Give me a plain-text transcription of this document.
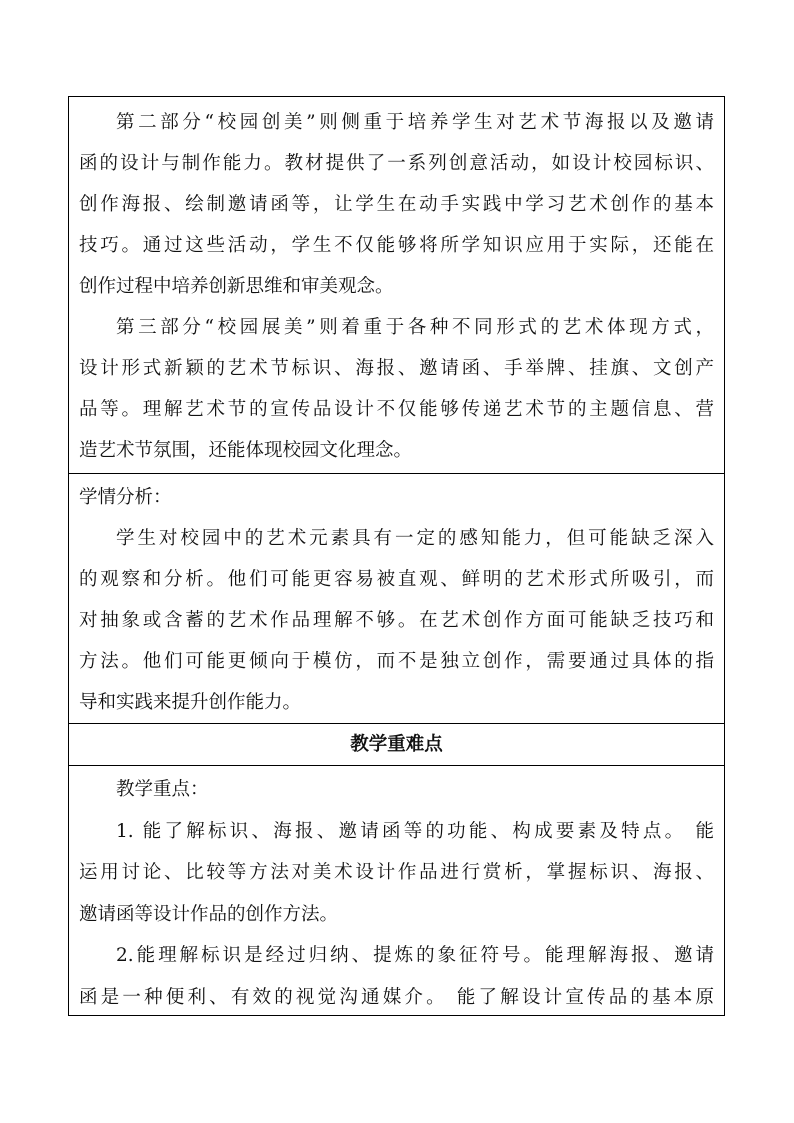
第二部分“校园创美”则侧重于培养学生对艺术节海报以及邀请
函的设计与制作能力。教材提供了一系列创意活动，如设计校园标识、
创作海报、绘制邀请函等，让学生在动手实践中学习艺术创作的基本
技巧。通过这些活动，学生不仅能够将所学知识应用于实际，还能在
创作过程中培养创新思维和审美观念。
第三部分“校园展美”则着重于各种不同形式的艺术体现方式，
设计形式新颖的艺术节标识、海报、邀请函、手举牌、挂旗、文创产
品等。理解艺术节的宣传品设计不仅能够传递艺术节的主题信息、营
造艺术节氛围，还能体现校园文化理念。
学情分析：
学生对校园中的艺术元素具有一定的感知能力，但可能缺乏深入
的观察和分析。他们可能更容易被直观、鲜明的艺术形式所吸引，而
对抽象或含蓄的艺术作品理解不够。在艺术创作方面可能缺乏技巧和
方法。他们可能更倾向于模仿，而不是独立创作，需要通过具体的指
导和实践来提升创作能力。
教学重难点
教学重点：
1. 能了解标识、海报、邀请函等的功能、构成要素及特点。 能
运用讨论、比较等方法对美术设计作品进行赏析，掌握标识、海报、
邀请函等设计作品的创作方法。
2.能理解标识是经过归纳、提炼的象征符号。能理解海报、邀请
函是一种便利、有效的视觉沟通媒介。 能了解设计宣传品的基本原
